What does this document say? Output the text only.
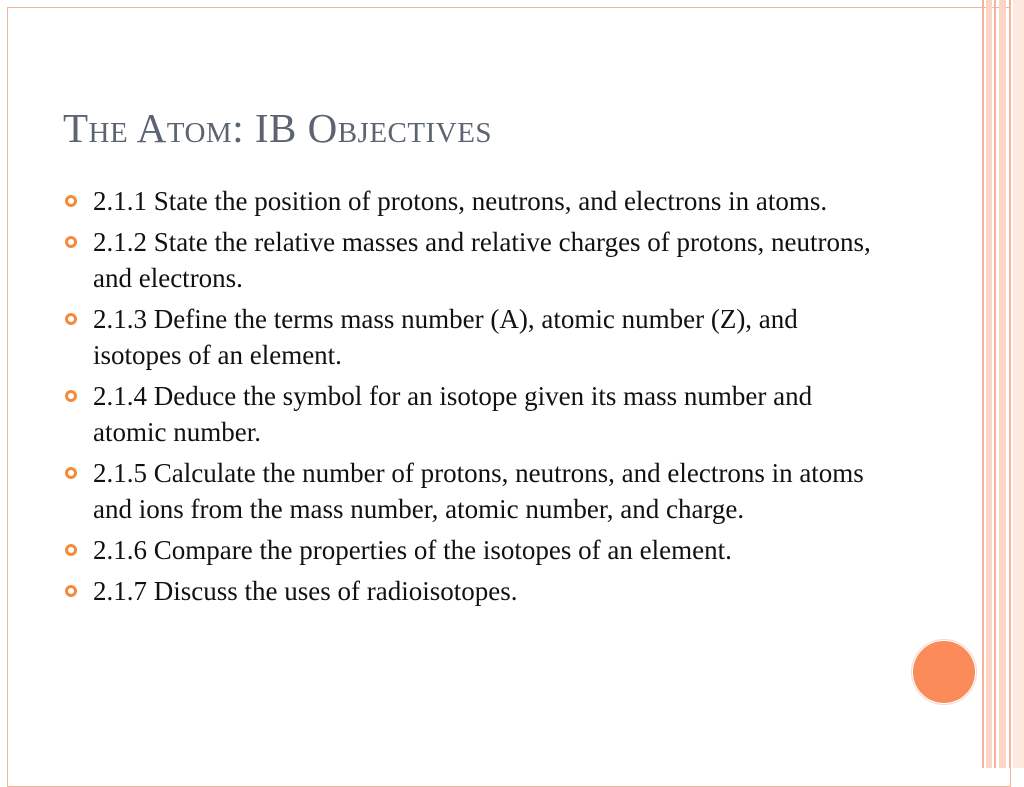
The Atom: IB Objectives
2.1.1 State the position of protons, neutrons, and electrons in atoms.
2.1.2 State the relative masses and relative charges of protons, neutrons, and electrons.
2.1.3 Define the terms mass number (A), atomic number (Z), and isotopes of an element.
2.1.4 Deduce the symbol for an isotope given its mass number and atomic number.
2.1.5 Calculate the number of protons, neutrons, and electrons in atoms and ions from the mass number, atomic number, and charge.
2.1.6 Compare the properties of the isotopes of an element.
2.1.7 Discuss the uses of radioisotopes.
